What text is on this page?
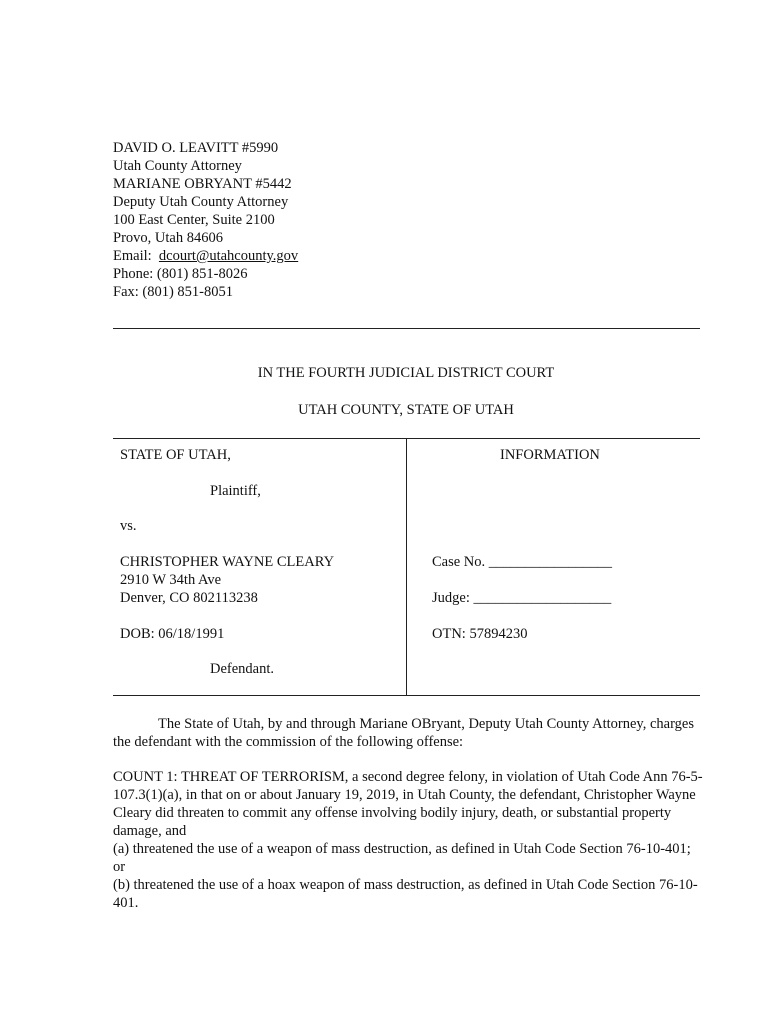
DAVID O. LEAVITT #5990
Utah County Attorney
MARIANE OBRYANT #5442
Deputy Utah County Attorney
100 East Center, Suite 2100
Provo, Utah 84606
Email: dcourt@utahcounty.gov
Phone: (801) 851-8026
Fax: (801) 851-8051
IN THE FOURTH JUDICIAL DISTRICT COURT
UTAH COUNTY, STATE OF UTAH
STATE OF UTAH,
Plaintiff,
vs.
CHRISTOPHER WAYNE CLEARY
2910 W 34th Ave
Denver, CO 802113238
DOB: 06/18/1991
Defendant.
INFORMATION
Case No. _________________
Judge: ___________________
OTN: 57894230
The State of Utah, by and through Mariane OBryant, Deputy Utah County Attorney, charges the defendant with the commission of the following offense:
COUNT 1: THREAT OF TERRORISM, a second degree felony, in violation of Utah Code Ann 76-5-107.3(1)(a), in that on or about January 19, 2019, in Utah County, the defendant, Christopher Wayne Cleary did threaten to commit any offense involving bodily injury, death, or substantial property damage, and
(a) threatened the use of a weapon of mass destruction, as defined in Utah Code Section 76-10-401; or
(b) threatened the use of a hoax weapon of mass destruction, as defined in Utah Code Section 76-10-401.
